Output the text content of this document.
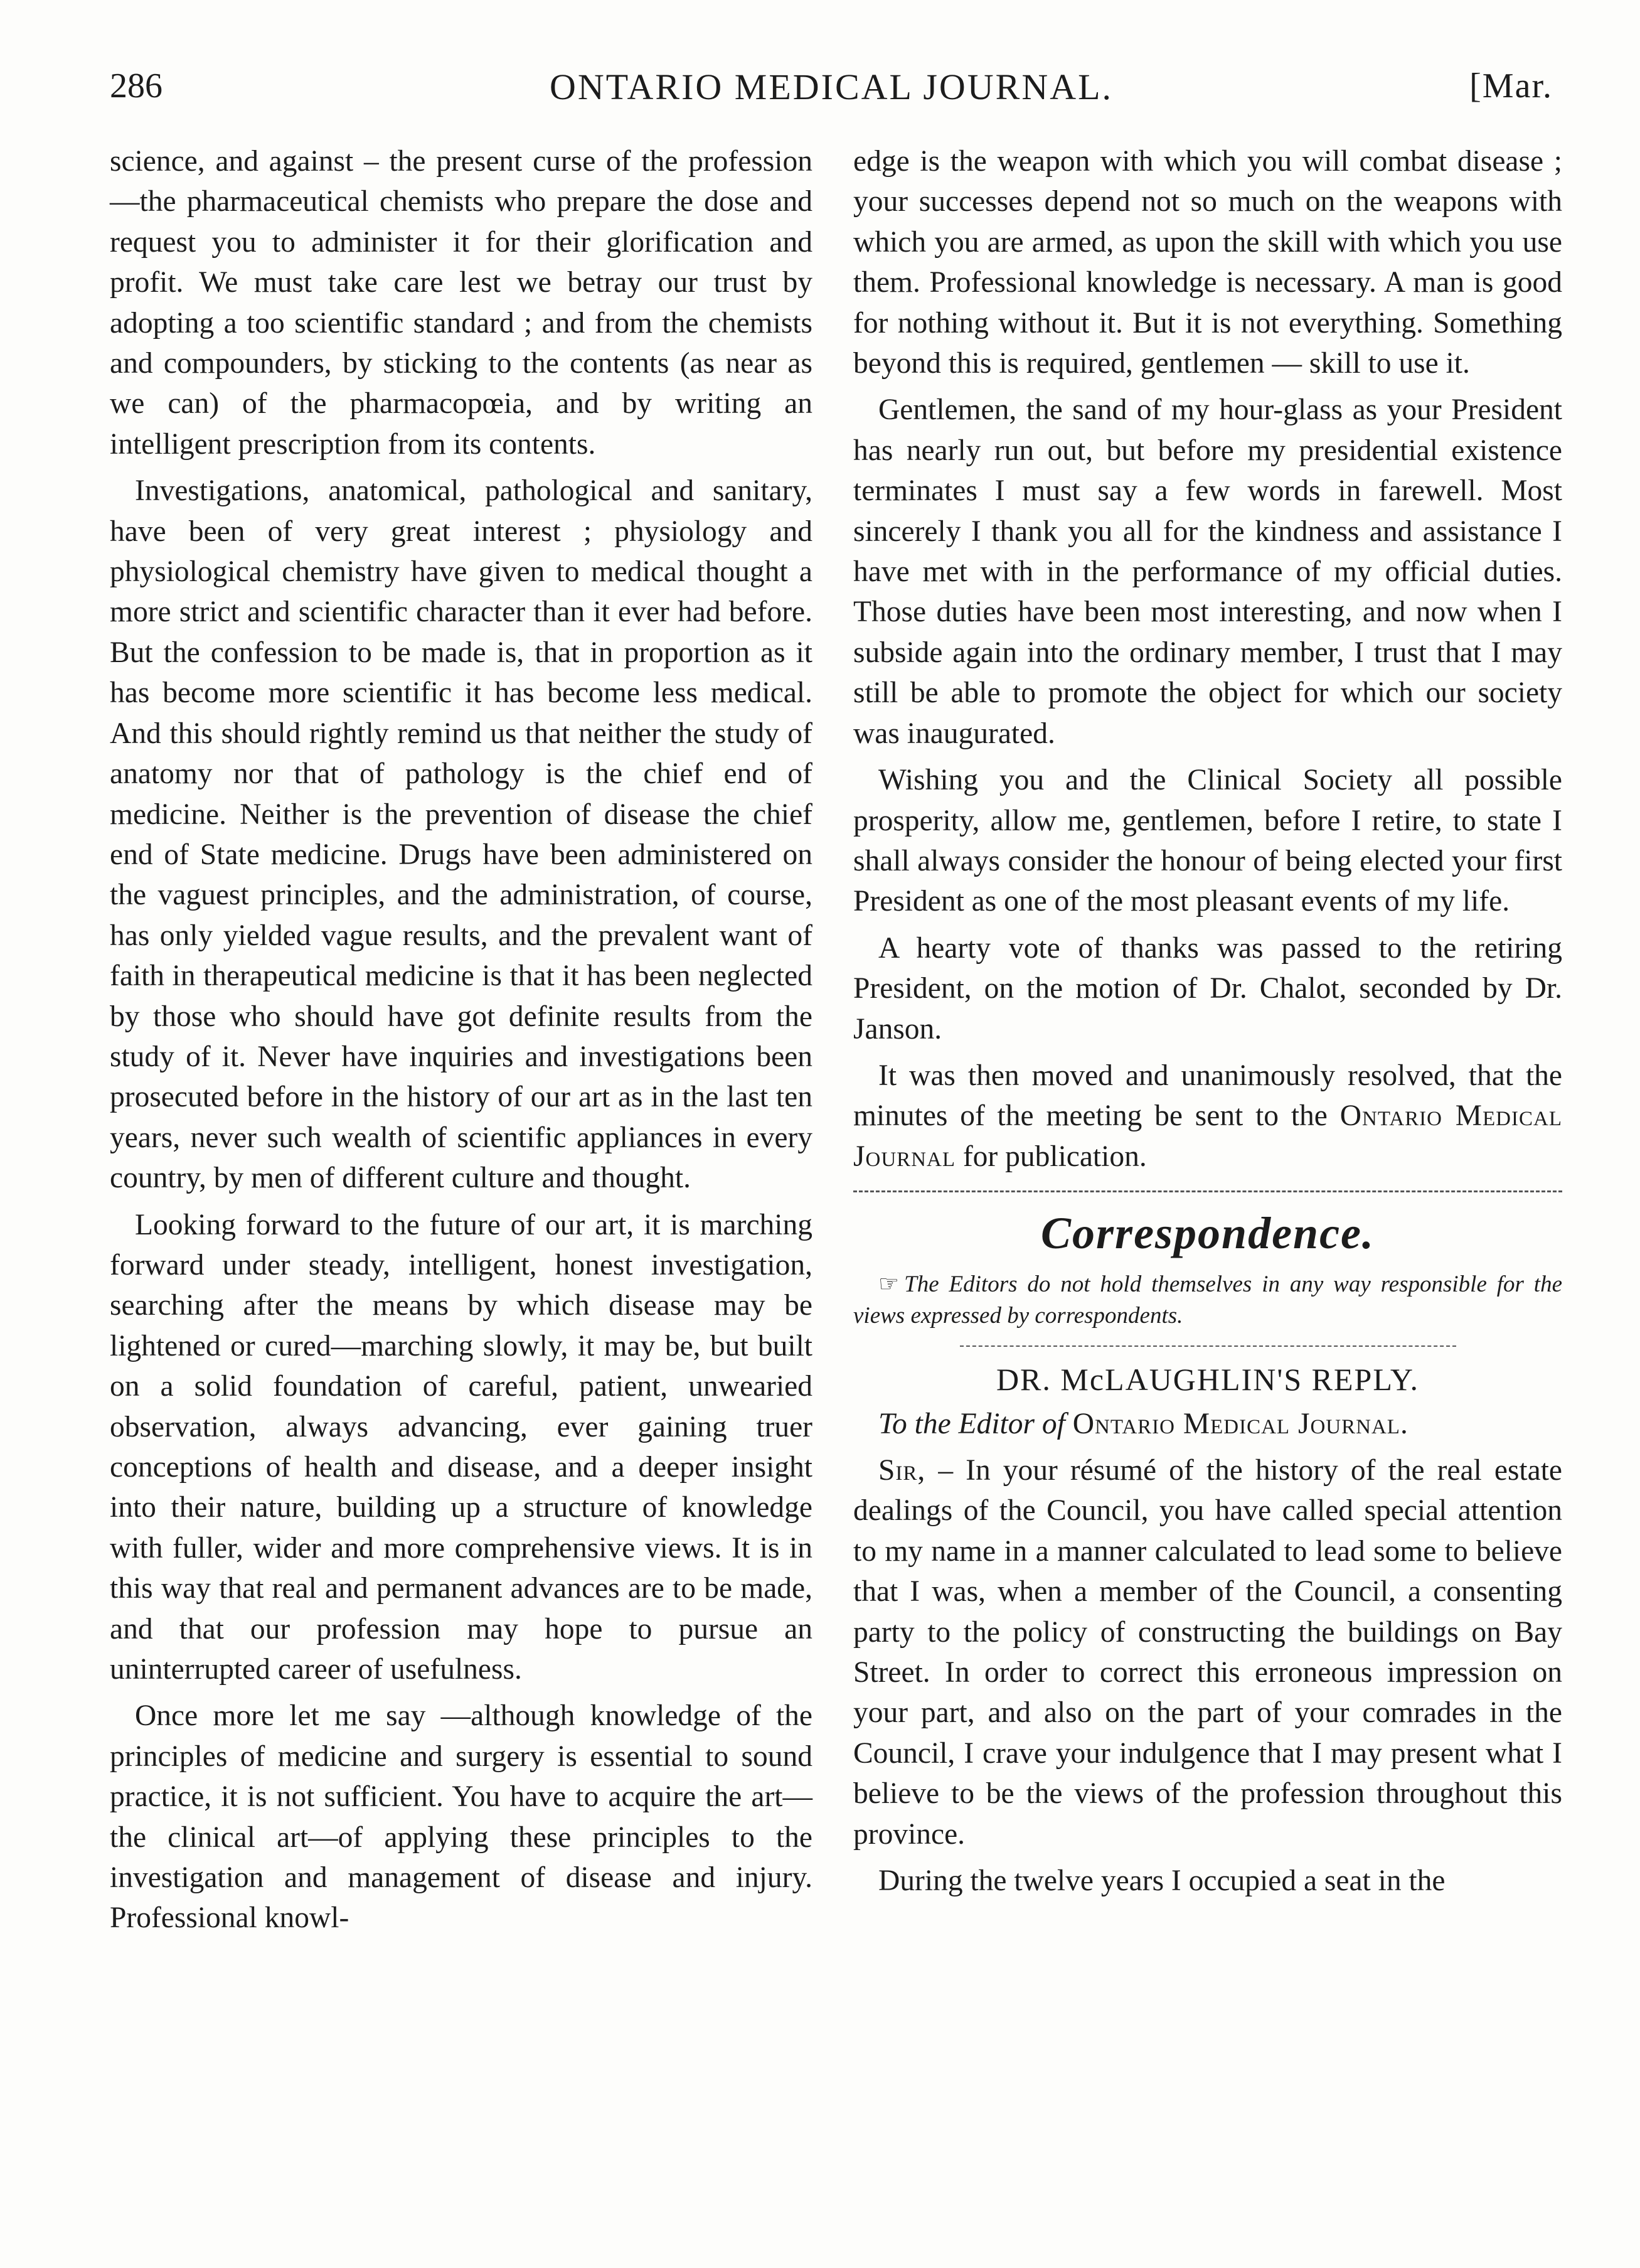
286	ONTARIO MEDICAL JOURNAL.	[Mar.

science, and against – the present curse of the profession—the pharmaceutical chemists who prepare the dose and request you to administer it for their glorification and profit. We must take care lest we betray our trust by adopting a too scientific standard ; and from the chemists and compounders, by sticking to the contents (as near as we can) of the pharmacopœia, and by writing an intelligent prescription from its contents.

Investigations, anatomical, pathological and sanitary, have been of very great interest ; physiology and physiological chemistry have given to medical thought a more strict and scientific character than it ever had before. But the confession to be made is, that in proportion as it has become more scientific it has become less medical. And this should rightly remind us that neither the study of anatomy nor that of pathology is the chief end of medicine. Neither is the prevention of disease the chief end of State medicine. Drugs have been administered on the vaguest principles, and the administration, of course, has only yielded vague results, and the prevalent want of faith in therapeutical medicine is that it has been neglected by those who should have got definite results from the study of it. Never have inquiries and investigations been prosecuted before in the history of our art as in the last ten years, never such wealth of scientific appliances in every country, by men of different culture and thought.

Looking forward to the future of our art, it is marching forward under steady, intelligent, honest investigation, searching after the means by which disease may be lightened or cured—marching slowly, it may be, but built on a solid foundation of careful, patient, unwearied observation, always advancing, ever gaining truer conceptions of health and disease, and a deeper insight into their nature, building up a structure of knowledge with fuller, wider and more comprehensive views. It is in this way that real and permanent advances are to be made, and that our profession may hope to pursue an uninterrupted career of usefulness.

Once more let me say —although knowledge of the principles of medicine and surgery is essential to sound practice, it is not sufficient. You have to acquire the art—the clinical art—of applying these principles to the investigation and management of disease and injury. Professional knowl-

edge is the weapon with which you will combat disease ; your successes depend not so much on the weapons with which you are armed, as upon the skill with which you use them. Professional knowledge is necessary. A man is good for nothing without it. But it is not everything. Something beyond this is required, gentlemen — skill to use it.

Gentlemen, the sand of my hour-glass as your President has nearly run out, but before my presidential existence terminates I must say a few words in farewell. Most sincerely I thank you all for the kindness and assistance I have met with in the performance of my official duties. Those duties have been most interesting, and now when I subside again into the ordinary member, I trust that I may still be able to promote the object for which our society was inaugurated.

Wishing you and the Clinical Society all possible prosperity, allow me, gentlemen, before I retire, to state I shall always consider the honour of being elected your first President as one of the most pleasant events of my life.

A hearty vote of thanks was passed to the retiring President, on the motion of Dr. Chalot, seconded by Dr. Janson.

It was then moved and unanimously resolved, that the minutes of the meeting be sent to the Ontario Medical Journal for publication.

Correspondence.

☞ The Editors do not hold themselves in any way responsible for the views expressed by correspondents.

DR. McLAUGHLIN'S REPLY.

To the Editor of Ontario Medical Journal.

Sir, – In your résumé of the history of the real estate dealings of the Council, you have called special attention to my name in a manner calculated to lead some to believe that I was, when a member of the Council, a consenting party to the policy of constructing the buildings on Bay Street. In order to correct this erroneous impression on your part, and also on the part of your comrades in the Council, I crave your indulgence that I may present what I believe to be the views of the profession throughout this province.

During the twelve years I occupied a seat in the
